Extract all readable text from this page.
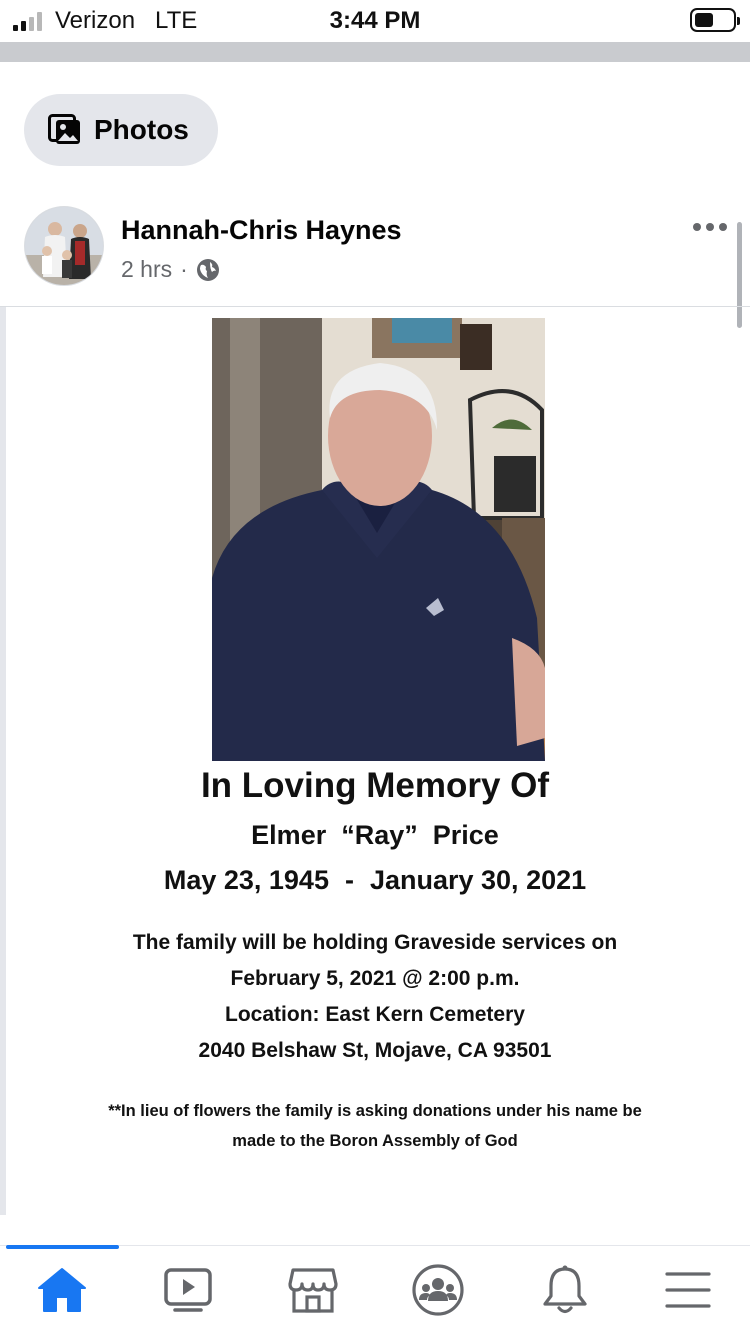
Verizon LTE	3:44 PM
Photos
Hannah-Chris Haynes
2 hrs ·
In Loving Memory Of
Elmer  “Ray”  Price
May 23, 1945 - January 30, 2021
The family will be holding Graveside services on
February 5, 2021 @ 2:00 p.m.
Location: East Kern Cemetery
2040 Belshaw St, Mojave, CA 93501
**In lieu of flowers the family is asking donations under his name be
made to the Boron Assembly of God
